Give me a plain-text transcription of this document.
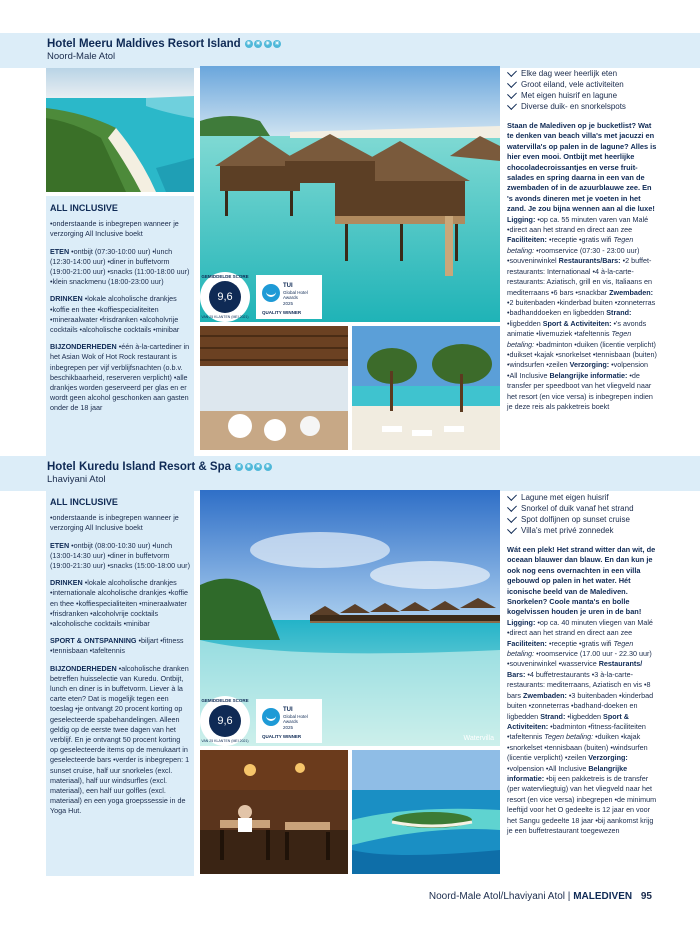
Hotel Meeru Maldives Resort Island ☀ ☀ ☀ ☀
Noord-Male Atol
ALL INCLUSIVE
•onderstaande is inbegrepen wanneer je verzorging All Inclusive boekt
ETEN •ontbijt (07:30-10:00 uur) •lunch (12:30-14:00 uur) •diner in buffetvorm (19:00-21:00 uur) •snacks (11:00-18:00 uur) •klein snackmenu (18:00-23:00 uur)
DRINKEN •lokale alcoholische drankjes •koffie en thee •koffiespecialiteiten •mineraalwater •frisdranken •alcoholvrije cocktails •alcoholische cocktails •minibar
BIJZONDERHEDEN •één à-la-cartediner in het Asian Wok of Hot Rock restaurant is inbegrepen per vijf verblijfsnachten (o.b.v. beschikbaarheid, reserveren verplicht) •alle drankjes worden geserveerd per glas en er wordt geen alcohol geschonken aan gasten onder de 18 jaar
GEMIDDELDE SCORE
9,6
VAN 25 KLANTEN (MEI 2021)
TUI
Global Hotel
Awards
2025
QUALITY WINNER
Elke dag weer heerlijk eten
Groot eiland, vele activiteiten
Met eigen huisrif en lagune
Diverse duik- en snorkelspots
Staan de Malediven op je bucketlist? Wat te denken van beach villa's met jacuzzi en watervilla's op palen in de lagune? Alles is hier even mooi. Ontbijt met heerlijke chocoladecroissantjes en verse fruit-salades en spring daarna in een van de zwembaden of in de azuurblauwe zee. En 's avonds dineren met je voeten in het zand. Je zou bijna wennen aan al die luxe!
Ligging: •op ca. 55 minuten varen van Malé •direct aan het strand en direct aan zee Faciliteiten: •receptie •gratis wifi Tegen betaling: •roomservice (07:30 - 23:00 uur) •souvenirwinkel Restaurants/Bars: •2 buffet-restaurants: Internationaal •4 à-la-carte-restaurants: Aziatisch, grill en vis, Italiaans en mediterraans •6 bars •snackbar Zwembaden: •2 buitenbaden •kinderbad buiten •zonneterras •badhanddoeken en ligbedden Strand: •ligbedden Sport & Activiteiten: •'s avonds animatie •livemuziek •tafeltennis Tegen betaling: •badminton •duiken (licentie verplicht) •duikset •kajak •snorkelset •tennisbaan (buiten) •windsurfen •zeilen Verzorging: •volpension •All Inclusive Belangrijke informatie: •de transfer per speedboot van het vliegveld naar het resort (en vice versa) is inbegrepen indien je deze reis als pakketreis boekt
Hotel Kuredu Island Resort & Spa ☀ ☀ ☀ ☀
Lhaviyani Atol
ALL INCLUSIVE
•onderstaande is inbegrepen wanneer je verzorging All Inclusive boekt
ETEN •ontbijt (08:00-10:30 uur) •lunch (13:00-14:30 uur) •diner in buffetvorm (19:00-21:30 uur) •snacks (15:00-18:00 uur)
DRINKEN •lokale alcoholische drankjes •internationale alcoholische drankjes •koffie en thee •koffiespecialiteiten •mineraalwater •frisdranken •alcoholvrije cocktails •alcoholische cocktails •minibar
SPORT & ONTSPANNING •biljart •fitness •tennisbaan •tafeltennis
BIJZONDERHEDEN •alcoholische dranken betreffen huisselectie van Kuredu. Ontbijt, lunch en diner is in buffetvorm. Liever à la carte eten? Dat is mogelijk tegen een toeslag •je ontvangt 20 procent korting op geselecteerde spabehandelingen. Alleen geldig op de eerste twee dagen van het verblijf. En je ontvangt 50 procent korting op geselecteerde items op de menukaart in geselecteerde bars •verder is inbegrepen: 1 sunset cruise, half uur snorkeles (excl. materiaal), half uur windsurfles (excl. materiaal), een half uur golfles (excl. materiaal) en een yoga groepssessie in de Yoga Hut.
Watervilla
GEMIDDELDE SCORE
9,6
VAN 25 KLANTEN (MEI 2021)
TUI
Global Hotel
Awards
2025
QUALITY WINNER
Lagune met eigen huisrif
Snorkel of duik vanaf het strand
Spot dolfijnen op sunset cruise
Villa's met privé zonnedek
Wát een plek! Het strand witter dan wit, de oceaan blauwer dan blauw. En dan kun je ook nog eens overnachten in een villa gebouwd op palen in het water. Hét iconische beeld van de Malediven. Snorkelen? Coole manta's en bolle kogelvissen houden je uren in de ban!
Ligging: •op ca. 40 minuten vliegen van Malé •direct aan het strand en direct aan zee Faciliteiten: •receptie •gratis wifi Tegen betaling: •roomservice (17.00 uur - 22.30 uur) •souvenirwinkel •wasservice Restaurants/ Bars: •4 buffetrestaurants •3 à-la-carte-restaurants: mediterraans, Aziatisch en vis •8 bars Zwembaden: •3 buitenbaden •kinderbad buiten •zonneterras •badhand-doeken en ligbedden Strand: •ligbedden Sport & Activiteiten: •badminton •fitness-faciliteiten •tafeltennis Tegen betaling: •duiken •kajak •snorkelset •tennisbaan (buiten) •windsurfen (licentie verplicht) •zeilen Verzorging: •volpension •All Inclusive Belangrijke informatie: •bij een pakketreis is de transfer (per watervliegtuig) van het vliegveld naar het resort (en vice versa) inbegrepen •de minimum leeftijd voor het O gedeelte is 12 jaar en voor het Sangu gedeelte 18 jaar •bij aankomst krijg je een buffetrestaurant toegewezen
Noord-Male Atol/Lhaviyani Atol | MALEDIVEN 95
